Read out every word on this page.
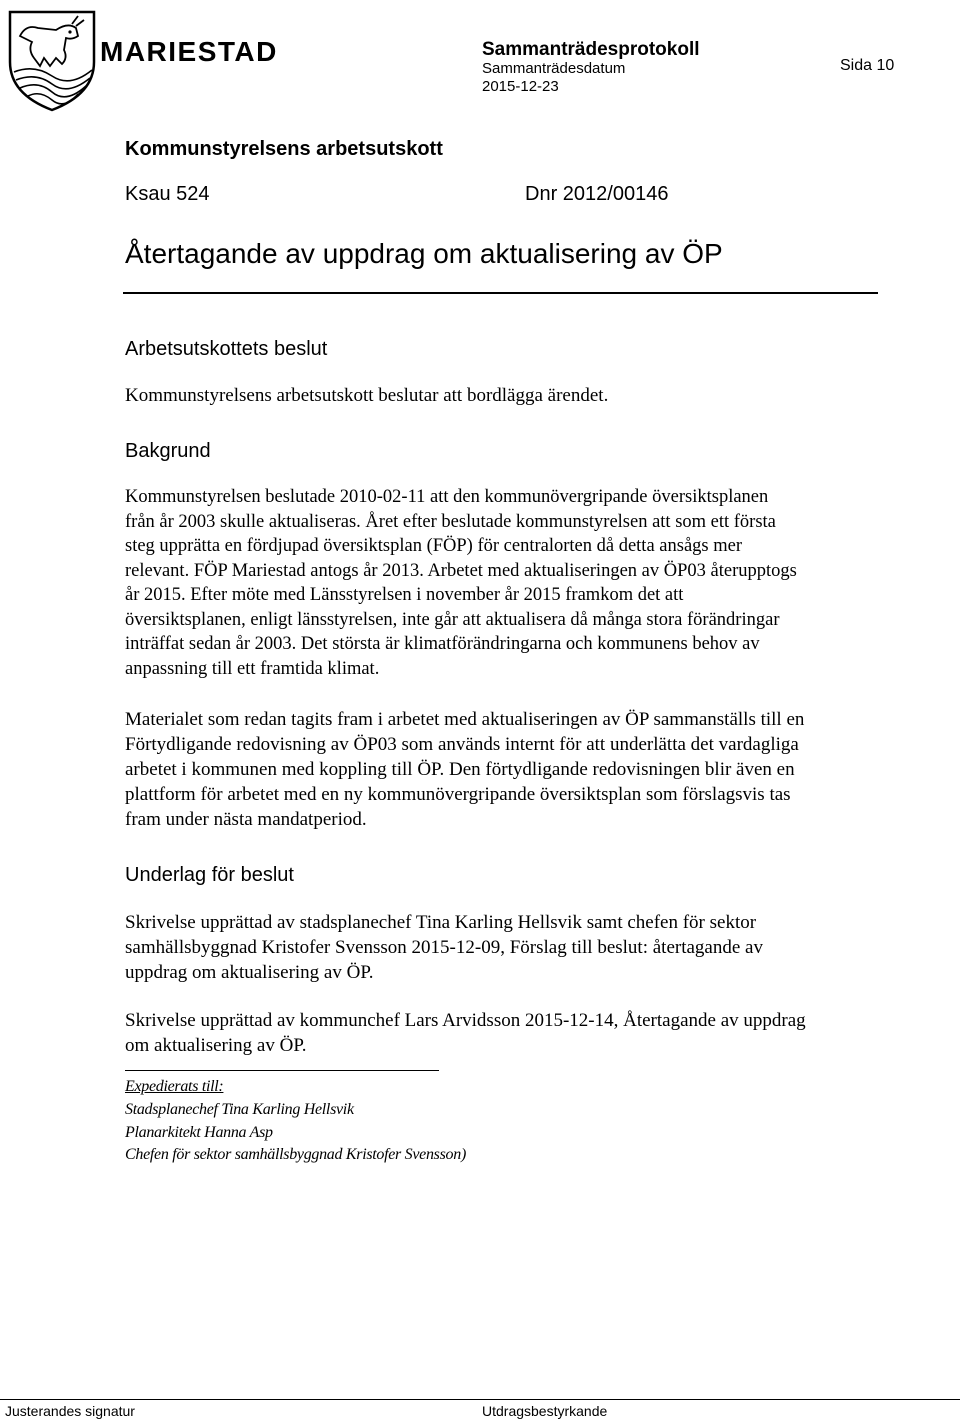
MARIESTAD	Sammanträdesprotokoll
Sammanträdesdatum
2015-12-23
Sida 10
Kommunstyrelsens arbetsutskott
Ksau 524	Dnr 2012/00146
Återtagande av uppdrag om aktualisering av ÖP
Arbetsutskottets beslut
Kommunstyrelsens arbetsutskott beslutar att bordlägga ärendet.
Bakgrund
Kommunstyrelsen beslutade 2010-02-11 att den kommunövergripande översiktsplanen
från år 2003 skulle aktualiseras. Året efter beslutade kommunstyrelsen att som ett första
steg upprätta en fördjupad översiktsplan (FÖP) för centralorten då detta ansågs mer
relevant. FÖP Mariestad antogs år 2013. Arbetet med aktualiseringen av ÖP03 återupptogs
år 2015. Efter möte med Länsstyrelsen i november år 2015 framkom det att
översiktsplanen, enligt länsstyrelsen, inte går att aktualisera då många stora förändringar
inträffat sedan år 2003. Det största är klimatförändringarna och kommunens behov av
anpassning till ett framtida klimat.
Materialet som redan tagits fram i arbetet med aktualiseringen av ÖP sammanställs till en
Förtydligande redovisning av ÖP03 som används internt för att underlätta det vardagliga
arbetet i kommunen med koppling till ÖP. Den förtydligande redovisningen blir även en
plattform för arbetet med en ny kommunövergripande översiktsplan som förslagsvis tas
fram under nästa mandatperiod.
Underlag för beslut
Skrivelse upprättad av stadsplanechef Tina Karling Hellsvik samt chefen för sektor
samhällsbyggnad Kristofer Svensson 2015-12-09, Förslag till beslut: återtagande av
uppdrag om aktualisering av ÖP.
Skrivelse upprättad av kommunchef Lars Arvidsson 2015-12-14, Återtagande av uppdrag
om aktualisering av ÖP.
Expedierats till:
Stadsplanechef Tina Karling Hellsvik
Planarkitekt Hanna Asp
Chefen för sektor samhällsbyggnad Kristofer Svensson)
Justerandes signatur	Utdragsbestyrkande
